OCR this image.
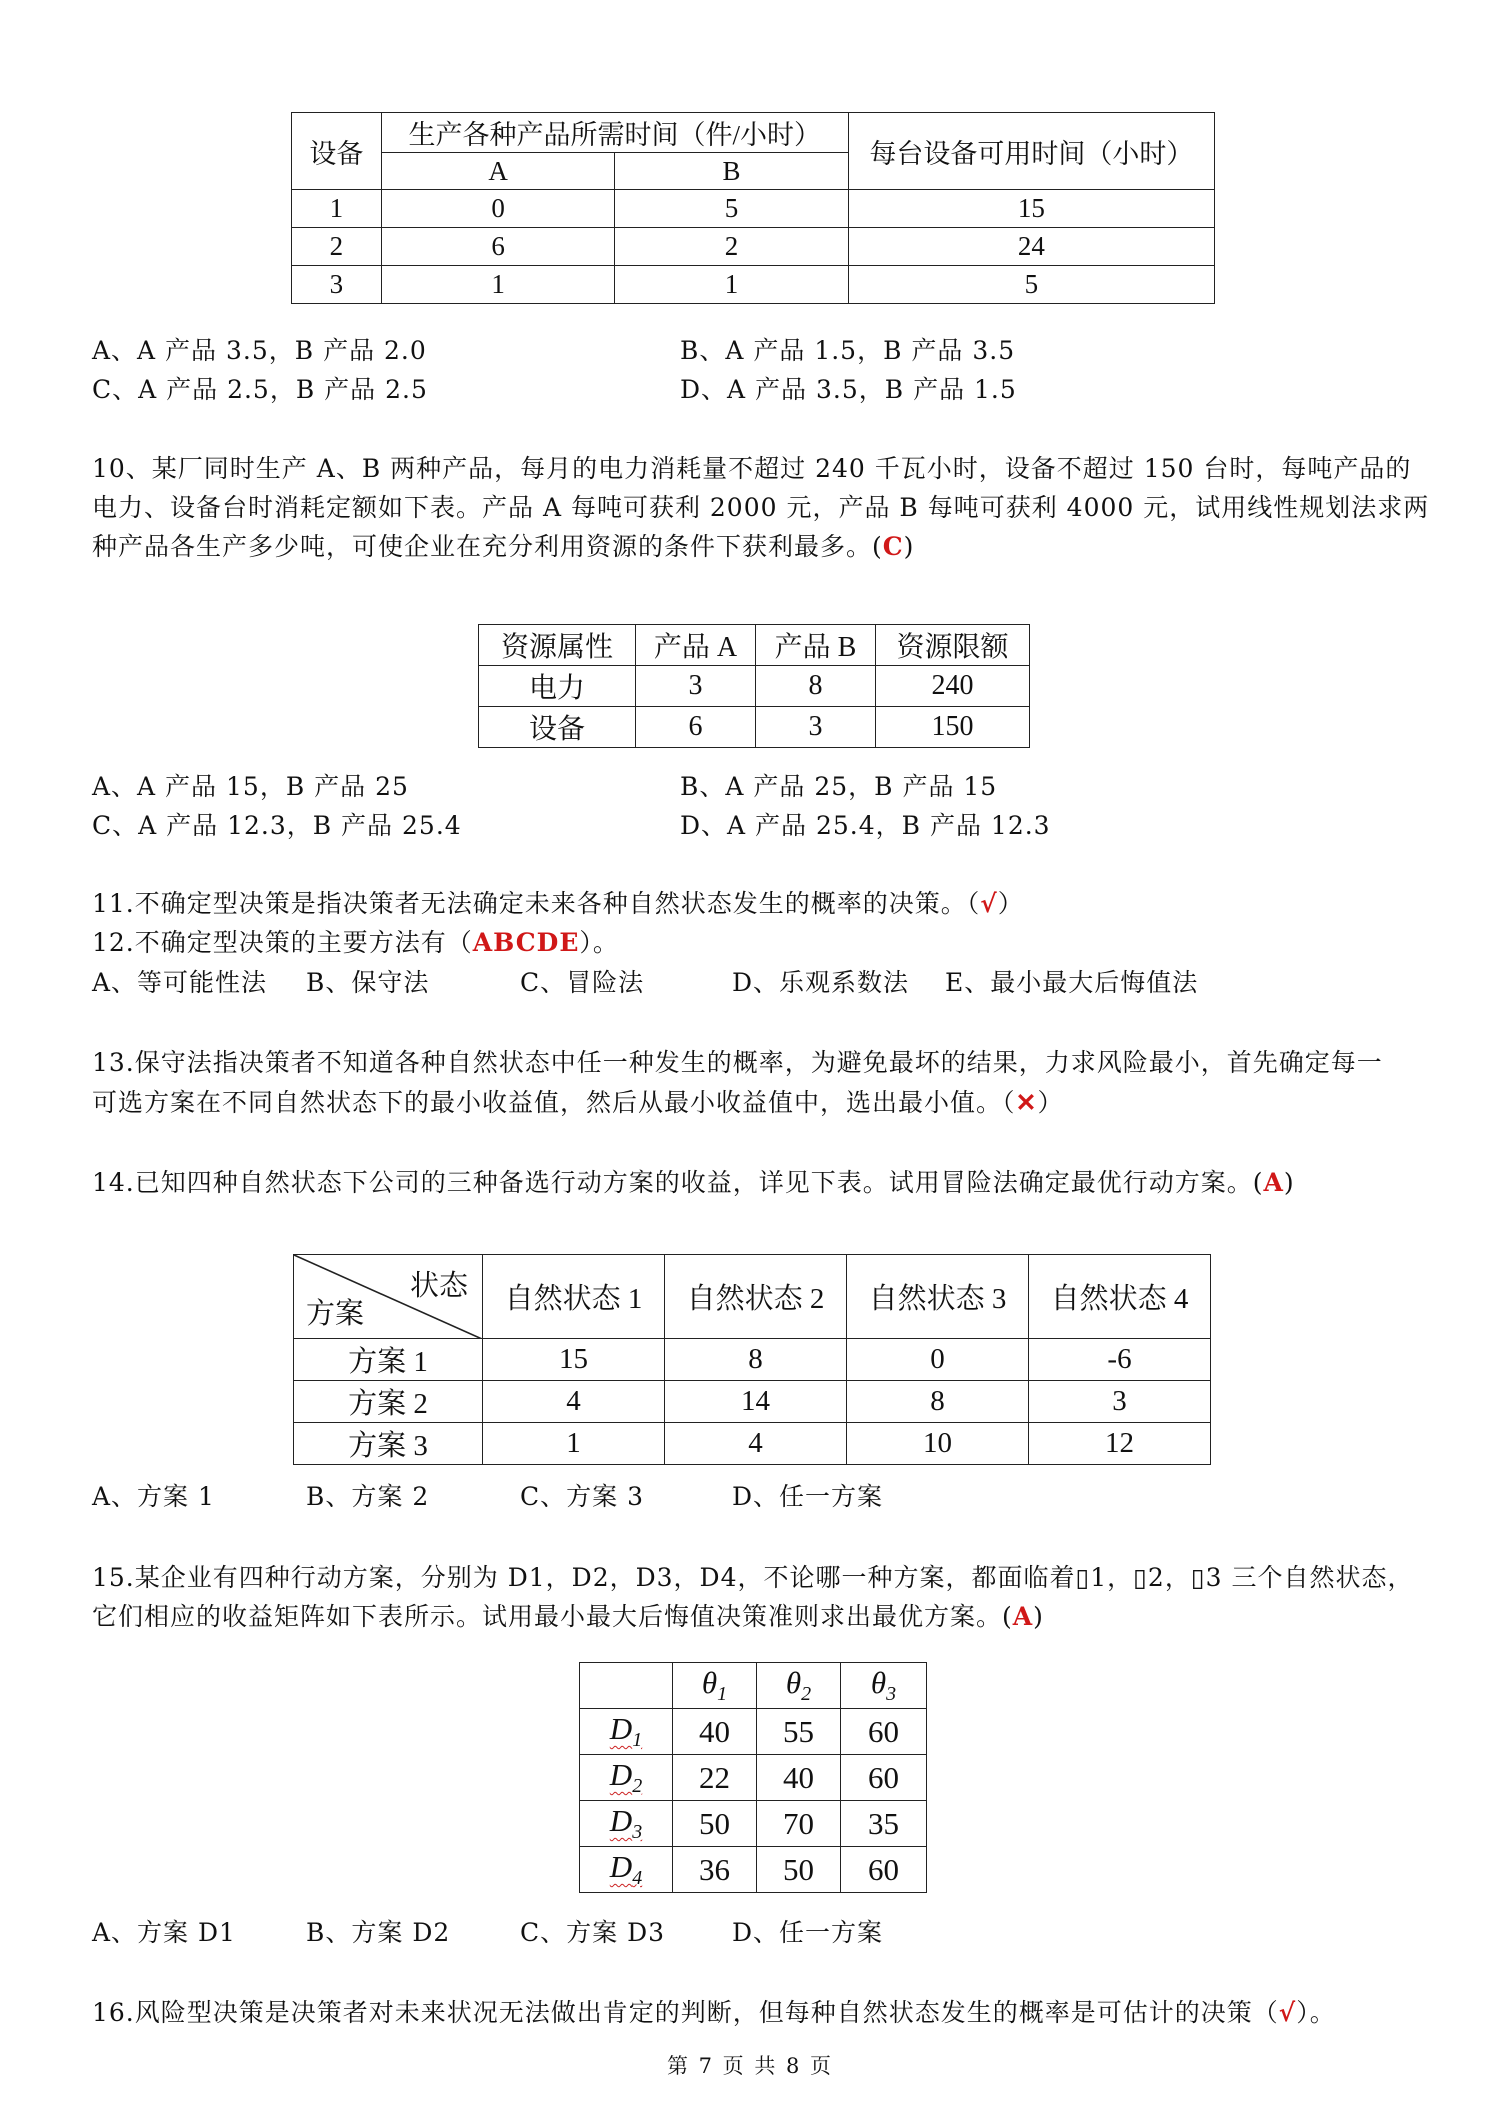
设备	生产各种产品所需时间（件/小时）		每台设备可用时间（小时）
	A	B	
1	0	5	15
2	6	2	24
3	1	1	5
A、A 产品 3.5，B 产品 2.0	B、A 产品 1.5，B 产品 3.5
C、A 产品 2.5，B 产品 2.5	D、A 产品 3.5，B 产品 1.5
10、某厂同时生产 A、B 两种产品，每月的电力消耗量不超过 240 千瓦小时，设备不超过 150 台时，每吨产品的
电力、设备台时消耗定额如下表。产品 A 每吨可获利 2000 元，产品 B 每吨可获利 4000 元，试用线性规划法求两
种产品各生产多少吨，可使企业在充分利用资源的条件下获利最多。(C)
资源属性	产品 A	产品 B	资源限额
电力	3	8	240
设备	6	3	150
A、A 产品 15，B 产品 25	B、A 产品 25，B 产品 15
C、A 产品 12.3，B 产品 25.4	D、A 产品 25.4，B 产品 12.3
11.不确定型决策是指决策者无法确定未来各种自然状态发生的概率的决策。（√）
12.不确定型决策的主要方法有（ABCDE）。
A、等可能性法 B、保守法	C、冒险法	D、乐观系数法 E、最小最大后悔值法
13.保守法指决策者不知道各种自然状态中任一种发生的概率，为避免最坏的结果，力求风险最小，首先确定每一
可选方案在不同自然状态下的最小收益值，然后从最小收益值中，选出最小值。（✕）
14.已知四种自然状态下公司的三种备选行动方案的收益，详见下表。试用冒险法确定最优行动方案。(A)
状态
方案	自然状态 1	自然状态 2	自然状态 3	自然状态 4
方案 1	15	8	0	-6
方案 2	4	14	8	3
方案 3	1	4	10	12
A、方案 1	B、方案 2	C、方案 3	D、任一方案
15.某企业有四种行动方案，分别为 D1，D2，D3，D4，不论哪一种方案，都面临着▯1，▯2，▯3 三个自然状态，
它们相应的收益矩阵如下表所示。试用最小最大后悔值决策准则求出最优方案。(A)
	$\theta_1$	$\theta_2$	$\theta_3$
$D_1$	40	55	60
$D_2$	22	40	60
$D_3$	50	70	35
$D_4$	36	50	60
A、方案 D1	B、方案 D2	C、方案 D3	D、任一方案
16.风险型决策是决策者对未来状况无法做出肯定的判断，但每种自然状态发生的概率是可估计的决策（√）。
第 7 页 共 8 页
